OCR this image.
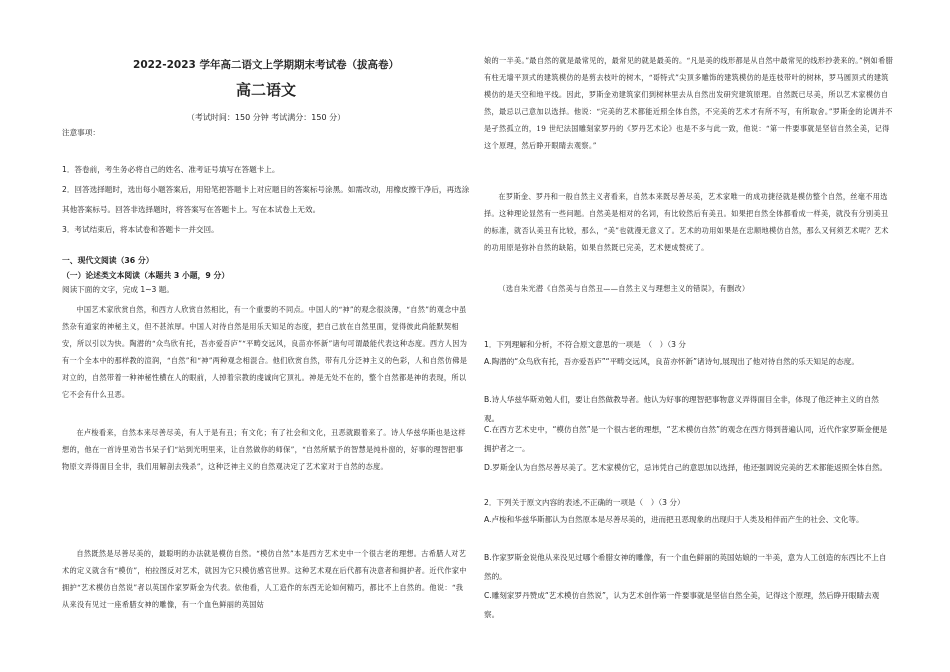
2022-2023 学年高二语文上学期期末考试卷（拔高卷）

高二语文

（考试时间：150 分钟 考试满分：150 分）

注意事项：

1．答卷前，考生务必将自己的姓名、准考证号填写在答题卡上。

2．回答选择题时，选出每小题答案后，用铅笔把答题卡上对应题目的答案标号涂黑。如需改动，用橡皮擦干净后，再选涂其他答案标号。回答非选择题时，将答案写在答题卡上。写在本试卷上无效。

3．考试结束后，将本试卷和答题卡一并交回。

一、现代文阅读（36 分）

（一）论述类文本阅读（本题共 3 小题，9 分）

阅读下面的文字，完成 1~3 题。

中国艺术家欣赏自然，和西方人欣赏自然相比，有一个重要的不同点。中国人的“神”的观念很淡薄，“自然”的观念中虽然杂有道家的神秘主义，但不甚浓厚。中国人对待自然是用乐天知足的态度，把自己放在自然里面，觉得彼此尚能默契相安，所以引以为快。陶潜的“众鸟欣有托，吾亦爱吾庐”“平畴交远风，良苗亦怀新”诸句可谓最能代表这种态度。西方人因为有一个全本中的那样教的渲润，“自然”和“神”两种观念相混合。他们欣赏自然，带有几分泛神主义的色彩，人和自然仿佛是对立的，自然带着一种神秘性横在人的眼前，人掉着宗教的虔诚向它顶礼。神是无处不在的，整个自然都是神的表现，所以它不会有什么丑恶。

在卢梭看来，自然本来尽善尽美，有人于是有丑；有文化；有了社会和文化，丑恶就跟着来了。诗人华兹华斯也是这样想的，他在一首诗里劝告书呆子们“站到光明里来，让自然做你的师保”，“自然所赋予的智慧是纯朴窗的，好事的理智把事物原文弄得面目全非，我们用解剖去残杀”，这种泛神主义的自然观决定了艺术家对于自然的态度。

自然既然是尽善尽美的，最聪明的办法就是模仿自然。“模仿自然”本是西方艺术史中一个很古老的理想。古希腊人对艺术的定义就含有“模仿”，柏拉图反对艺术，就因为它只模仿感官世界。这种艺术观在后代都有决意者和拥护者。近代作家中拥护“艺术模仿自然说”者以英国作家罗斯金为代表。依他看，人工造作的东西无论如何精巧，都比不上自然的。他说：“我从来没有见过一座希腊女神的雕像，有一个血色鲜丽的英国姑

娘的一半美。”最自然的就是最常见的，最常见的就是最美的。“凡是美的线形都是从自然中最常见的线形抄袭来的。”例如希腊有柱无墙平顶式的建筑模仿的是剪去枝叶的树木，“哥特式”尖顶多雕饰的建筑模仿的是连枝带叶的树林，罗马圆顶式的建筑模仿的是天空和地平线。因此，罗斯金劝建筑家们到树林里去从自然出发研究建筑原理。自然既已尽美，所以艺术家模仿自然，最忌以己意加以选择。他说：“完美的艺术都能近照全体自然，不完美的艺术才有所不写，有所取舍。”罗斯金的论调并不是孑然孤立的，19 世纪法国雕刻家罗丹的《罗丹艺术论》也是不多与此一致，他说：“第一件要事就是坚信自然全美，记得这个原理，然后睁开眼睛去观察。”

在罗斯金、罗丹和一般自然主义者看来，自然本来既尽善尽美，艺术家唯一的成功捷径就是模仿整个自然，丝毫不用选择。这种理论显然有一些问题。自然美是相对的名词，有比较然后有美丑。如果把自然全体都看成一样美，就没有分别美丑的标准，就否认美丑有比较，那么，“美”也就漫无意义了。艺术的功用如果是在忠顺地模仿自然，那么又何须艺术呢？艺术的功用原是弥补自然的缺陷，如果自然既已完美，艺术便成赘疣了。

（选自朱光潜《自然美与自然丑——自然主义与理想主义的错误》，有删改）

1．下列理解和分析，不符合原文意思的一项是　（　）（3 分

A.陶潜的“众鸟欣有托，吾亦爱吾庐”“平畴交远风，良苗亦怀新”诸诗句,展现出了他对待自然的乐天知足的态度。

B.诗人华兹华斯劝勉人们，要让自然做教导者。他认为好事的理智把事物意义弄得面目全非，体现了他泛神主义的自然观。

C.在西方艺术史中，“模仿自然”是一个很古老的理想，“艺术模仿自然”的观念在西方得到普遍认同，近代作家罗斯金便是拥护者之一。

D.罗斯金认为自然尽善尽美了。艺术家模仿它，忌讳凭自己的意思加以选择，他还强调说完美的艺术都能返照全体自然。

2．下列关于原文内容的表述,不正确的一项是（　）（3 分）

A.卢梭和华兹华斯都认为自然原本是尽善尽美的，进而把丑恶现象的出现归于人类及相伴而产生的社会、文化等。

B.作家罗斯金说他从来没见过哪个希腊女神的雕像，有一个血色鲜丽的英国姑娘的一半美，意为人工创造的东西比不上自然的。

C.雕刻家罗丹赞成“艺术模仿自然说”，认为艺术创作第一件要事就是坚信自然全美，记得这个原理，然后睁开眼睛去观察。
